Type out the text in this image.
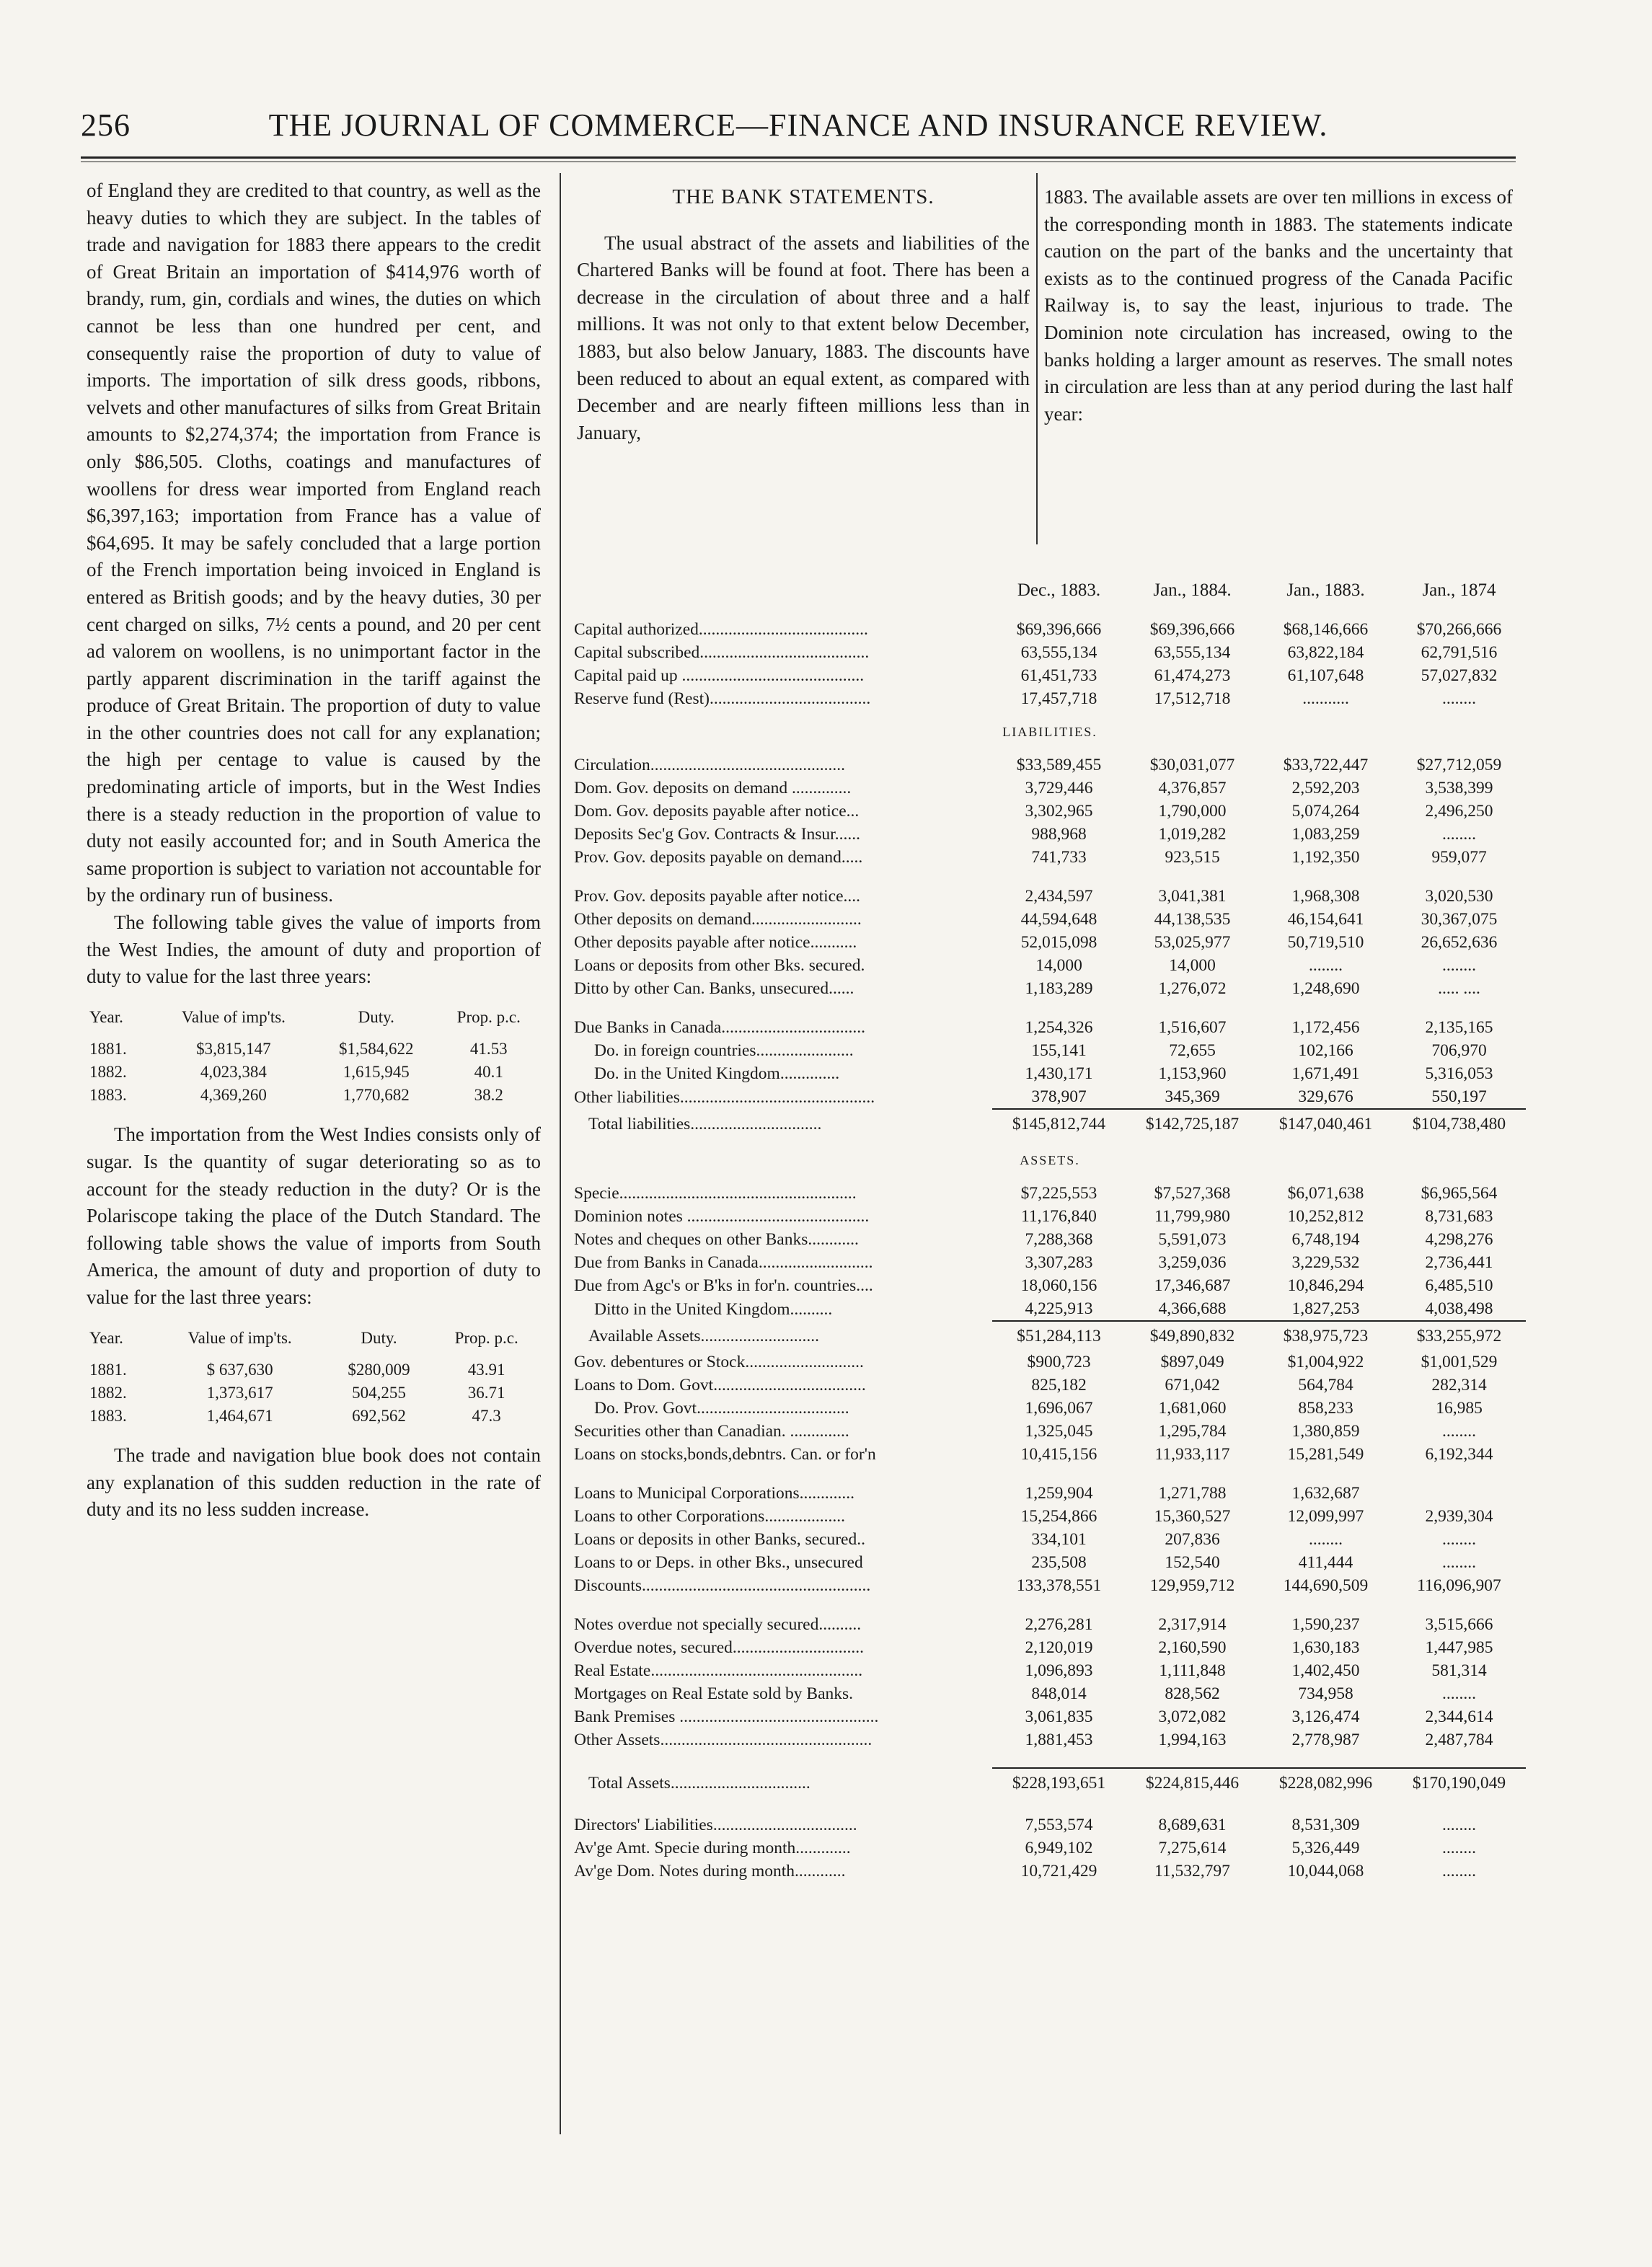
256	THE JOURNAL OF COMMERCE—FINANCE AND INSURANCE REVIEW.

of England they are credited to that country, as well as the heavy duties to which they are subject. In the tables of trade and navigation for 1883 there appears to the credit of Great Britain an importation of $414,976 worth of brandy, rum, gin, cordials and wines, the duties on which cannot be less than one hundred per cent, and consequently raise the proportion of duty to value of imports. The importation of silk dress goods, ribbons, velvets and other manufactures of silks from Great Britain amounts to $2,274,374; the importation from France is only $86,505. Cloths, coatings and manufactures of woollens for dress wear imported from England reach $6,397,163; importation from France has a value of $64,695. It may be safely concluded that a large portion of the French importation being invoiced in England is entered as British goods; and by the heavy duties, 30 per cent charged on silks, 7½ cents a pound, and 20 per cent ad valorem on woollens, is no unimportant factor in the partly apparent discrimination in the tariff against the produce of Great Britain. The proportion of duty to value in the other countries does not call for any explanation; the high per centage to value is caused by the predominating article of imports, but in the West Indies there is a steady reduction in the proportion of value to duty not easily accounted for; and in South America the same proportion is subject to variation not accountable for by the ordinary run of business.

The following table gives the value of imports from the West Indies, the amount of duty and proportion of duty to value for the last three years:

Year.	Value of imp'ts.	Duty.	Prop. p.c.
1881.	$3,815,147	$1,584,622	41.53
1882.	4,023,384	1,615,945	40.1
1883.	4,369,260	1,770,682	38.2

The importation from the West Indies consists only of sugar. Is the quantity of sugar deteriorating so as to account for the steady reduction in the duty? Or is the Polariscope taking the place of the Dutch Standard. The following table shows the value of imports from South America, the amount of duty and proportion of duty to value for the last three years:

Year.	Value of imp'ts.	Duty.	Prop. p.c.
1881.	$ 637,630	$280,009	43.91
1882.	1,373,617	504,255	36.71
1883.	1,464,671	692,562	47.3

The trade and navigation blue book does not contain any explanation of this sudden reduction in the rate of duty and its no less sudden increase.

THE BANK STATEMENTS.

The usual abstract of the assets and liabilities of the Chartered Banks will be found at foot. There has been a decrease in the circulation of about three and a half millions. It was not only to that extent below December, 1883, but also below January, 1883. The discounts have been reduced to about an equal extent, as compared with December and are nearly fifteen millions less than in January,

1883. The available assets are over ten millions in excess of the corresponding month in 1883. The statements indicate caution on the part of the banks and the uncertainty that exists as to the continued progress of the Canada Pacific Railway is, to say the least, injurious to trade. The Dominion note circulation has increased, owing to the banks holding a larger amount as reserves. The small notes in circulation are less than at any period during the last half year:

	Dec., 1883.	Jan., 1884.	Jan., 1883.	Jan., 1874
Capital authorized........................................	$69,396,666	$69,396,666	$68,146,666	$70,266,666
Capital subscribed........................................	63,555,134	63,555,134	63,822,184	62,791,516
Capital paid up ...........................................	61,451,733	61,474,273	61,107,648	57,027,832
Reserve fund (Rest)......................................	17,457,718	17,512,718	...........	........
LIABILITIES.				
Circulation..............................................	$33,589,455	$30,031,077	$33,722,447	$27,712,059
Dom. Gov. deposits on demand ..............	3,729,446	4,376,857	2,592,203	3,538,399
Dom. Gov. deposits payable after notice...	3,302,965	1,790,000	5,074,264	2,496,250
Deposits Sec'g Gov. Contracts & Insur......	988,968	1,019,282	1,083,259	........
Prov. Gov. deposits payable on demand.....	741,733	923,515	1,192,350	959,077

Prov. Gov. deposits payable after notice....	2,434,597	3,041,381	1,968,308	3,020,530
Other deposits on demand..........................	44,594,648	44,138,535	46,154,641	30,367,075
Other deposits payable after notice...........	52,015,098	53,025,977	50,719,510	26,652,636
Loans or deposits from other Bks. secured.	14,000	14,000	........	........
Ditto by other Can. Banks, unsecured......	1,183,289	1,276,072	1,248,690	..... ....

Due Banks in Canada..................................	1,254,326	1,516,607	1,172,456	2,135,165
Do. in foreign countries.......................	155,141	72,655	102,166	706,970
Do. in the United Kingdom..............	1,430,171	1,153,960	1,671,491	5,316,053
Other liabilities..............................................	378,907	345,369	329,676	550,197
Total liabilities...............................	$145,812,744	$142,725,187	$147,040,461	$104,738,480
ASSETS.				
Specie........................................................	$7,225,553	$7,527,368	$6,071,638	$6,965,564
Dominion notes ...........................................	11,176,840	11,799,980	10,252,812	8,731,683
Notes and cheques on other Banks............	7,288,368	5,591,073	6,748,194	4,298,276
Due from Banks in Canada...........................	3,307,283	3,259,036	3,229,532	2,736,441
Due from Agc's or B'ks in for'n. countries....	18,060,156	17,346,687	10,846,294	6,485,510
Ditto in the United Kingdom..........	4,225,913	4,366,688	1,827,253	4,038,498
Available Assets............................	$51,284,113	$49,890,832	$38,975,723	$33,255,972
Gov. debentures or Stock............................	$900,723	$897,049	$1,004,922	$1,001,529
Loans to Dom. Govt....................................	825,182	671,042	564,784	282,314
Do. Prov. Govt....................................	1,696,067	1,681,060	858,233	16,985
Securities other than Canadian. ..............	1,325,045	1,295,784	1,380,859	........
Loans on stocks,bonds,debntrs. Can. or for'n	10,415,156	11,933,117	15,281,549	6,192,344

Loans to Municipal Corporations.............	1,259,904	1,271,788	1,632,687	
Loans to other Corporations...................	15,254,866	15,360,527	12,099,997	2,939,304
Loans or deposits in other Banks, secured..	334,101	207,836	........	........
Loans to or Deps. in other Bks., unsecured	235,508	152,540	411,444	........
Discounts......................................................	133,378,551	129,959,712	144,690,509	116,096,907

Notes overdue not specially secured..........	2,276,281	2,317,914	1,590,237	3,515,666
Overdue notes, secured...............................	2,120,019	2,160,590	1,630,183	1,447,985
Real Estate..................................................	1,096,893	1,111,848	1,402,450	581,314
Mortgages on Real Estate sold by Banks.	848,014	828,562	734,958	........
Bank Premises ...............................................	3,061,835	3,072,082	3,126,474	2,344,614
Other Assets..................................................	1,881,453	1,994,163	2,778,987	2,487,784

Total Assets.................................	$228,193,651	$224,815,446	$228,082,996	$170,190,049

Directors' Liabilities..................................	7,553,574	8,689,631	8,531,309	........
Av'ge Amt. Specie during month.............	6,949,102	7,275,614	5,326,449	........
Av'ge Dom. Notes during month............	10,721,429	11,532,797	10,044,068	........
